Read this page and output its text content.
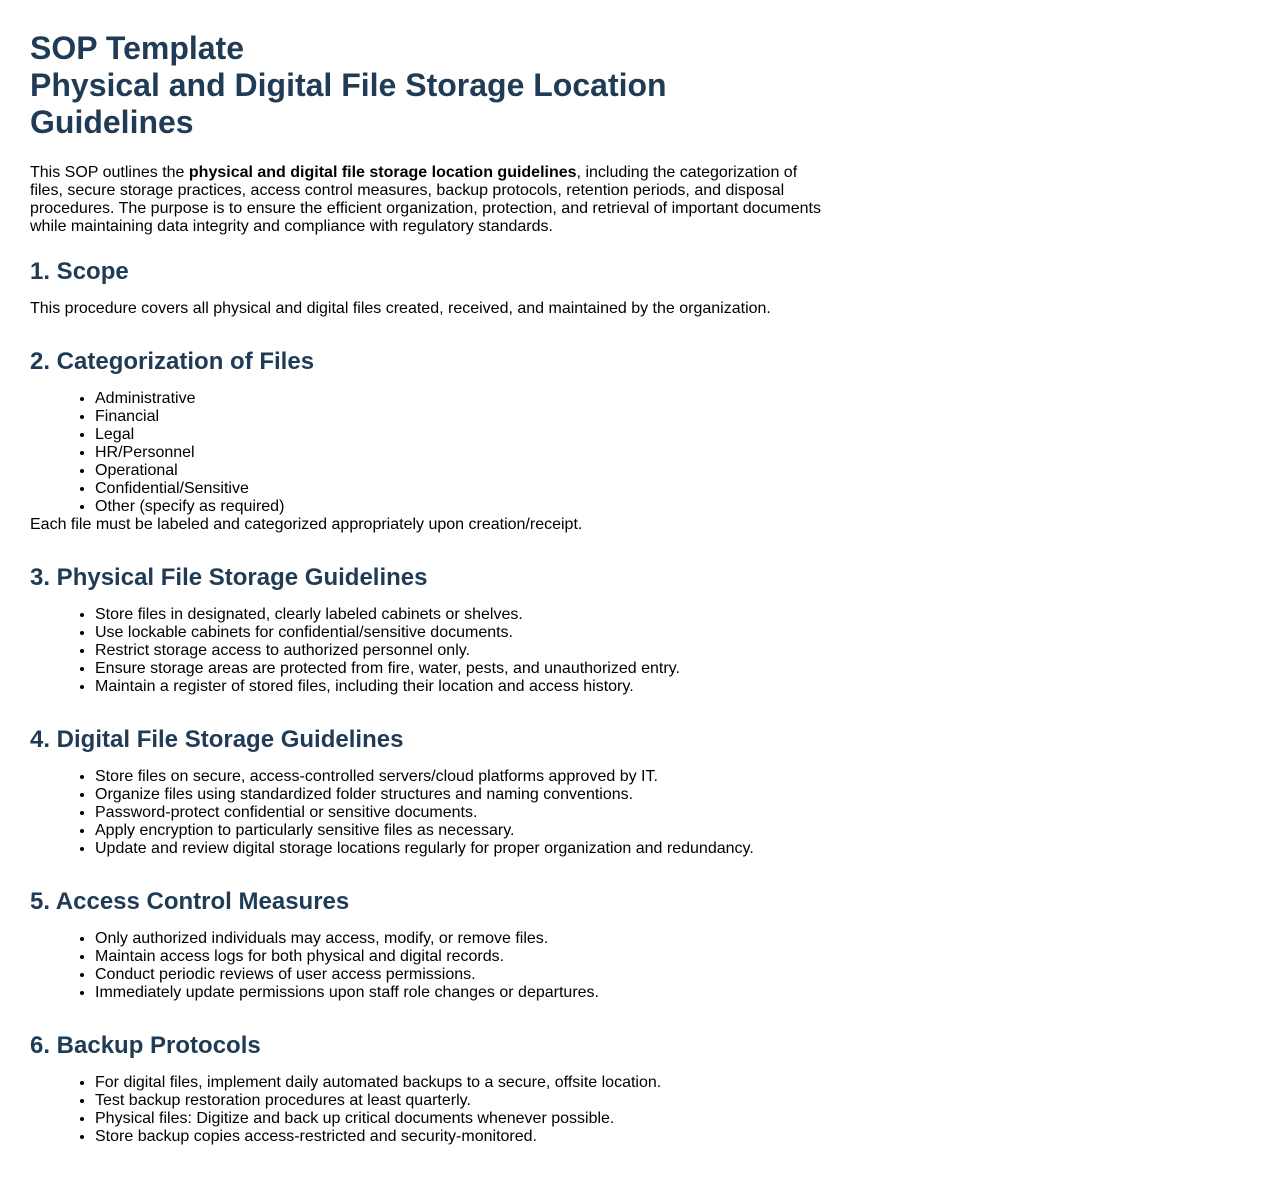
SOP Template
Physical and Digital File Storage Location
Guidelines

This SOP outlines the physical and digital file storage location guidelines, including the categorization of files, secure storage practices, access control measures, backup protocols, retention periods, and disposal procedures. The purpose is to ensure the efficient organization, protection, and retrieval of important documents while maintaining data integrity and compliance with regulatory standards.

1. Scope

This procedure covers all physical and digital files created, received, and maintained by the organization.

2. Categorization of Files
• Administrative
• Financial
• Legal
• HR/Personnel
• Operational
• Confidential/Sensitive
• Other (specify as required)

Each file must be labeled and categorized appropriately upon creation/receipt.

3. Physical File Storage Guidelines
• Store files in designated, clearly labeled cabinets or shelves.
• Use lockable cabinets for confidential/sensitive documents.
• Restrict storage access to authorized personnel only.
• Ensure storage areas are protected from fire, water, pests, and unauthorized entry.
• Maintain a register of stored files, including their location and access history.
4. Digital File Storage Guidelines
• Store files on secure, access-controlled servers/cloud platforms approved by IT.
• Organize files using standardized folder structures and naming conventions.
• Password-protect confidential or sensitive documents.
• Apply encryption to particularly sensitive files as necessary.
• Update and review digital storage locations regularly for proper organization and redundancy.
5. Access Control Measures
• Only authorized individuals may access, modify, or remove files.
• Maintain access logs for both physical and digital records.
• Conduct periodic reviews of user access permissions.
• Immediately update permissions upon staff role changes or departures.
6. Backup Protocols
• For digital files, implement daily automated backups to a secure, offsite location.
• Test backup restoration procedures at least quarterly.
• Physical files: Digitize and back up critical documents whenever possible.
• Store backup copies access-restricted and security-monitored.
